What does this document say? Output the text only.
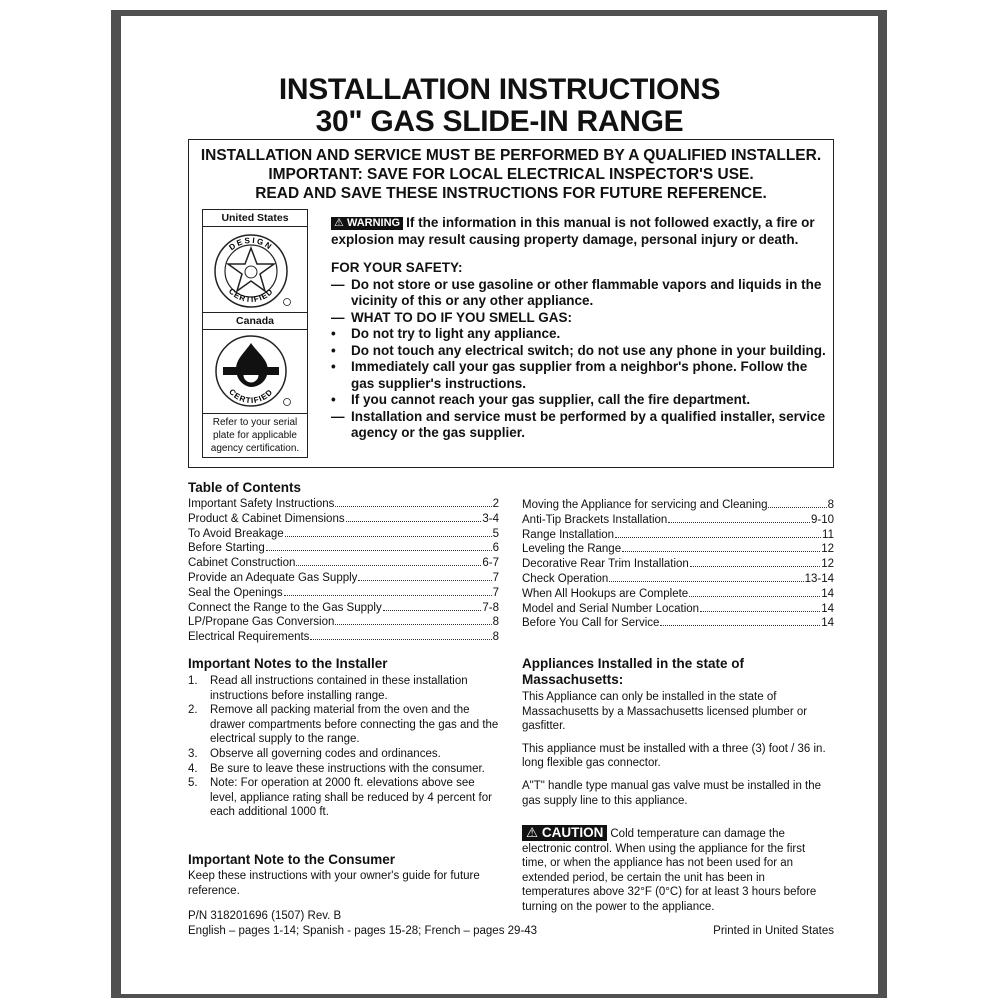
INSTALLATION INSTRUCTIONS
30" GAS SLIDE-IN RANGE
INSTALLATION AND SERVICE MUST BE PERFORMED BY A QUALIFIED INSTALLER.
IMPORTANT: SAVE FOR LOCAL ELECTRICAL INSPECTOR'S USE.
READ AND SAVE THESE INSTRUCTIONS FOR FUTURE REFERENCE.
United States
DESIGN
CERTIFIED
Canada
CERTIFIED
Refer to your serial plate for applicable agency certification.
⚠ WARNING If the information in this manual is not followed exactly, a fire or explosion may result causing property damage, personal injury or death.
FOR YOUR SAFETY:
— Do not store or use gasoline or other flammable vapors and liquids in the vicinity of this or any other appliance.
— WHAT TO DO IF YOU SMELL GAS:
•	Do not try to light any appliance.
•	Do not touch any electrical switch; do not use any phone in your building.
•	Immediately call your gas supplier from a neighbor's phone. Follow the gas supplier's instructions.
•	If you cannot reach your gas supplier, call the fire department.
— Installation and service must be performed by a qualified installer, service agency or the gas supplier.
Table of Contents
Important Safety Instructions	2
Product & Cabinet Dimensions	3-4
To Avoid Breakage	5
Before Starting	6
Cabinet Construction	6-7
Provide an Adequate Gas Supply	7
Seal the Openings	7
Connect the Range to the Gas Supply	7-8
LP/Propane Gas Conversion	8
Electrical Requirements	8
Moving the Appliance for servicing and Cleaning	8
Anti-Tip Brackets Installation	9-10
Range Installation	11
Leveling the Range	12
Decorative Rear Trim Installation	12
Check Operation	13-14
When All Hookups are Complete	14
Model and Serial Number Location	14
Before You Call for Service	14
Important Notes to the Installer
1.	Read all instructions contained in these installation instructions before installing range.
2.	Remove all packing material from the oven and the drawer compartments before connecting the gas and the electrical supply to the range.
3.	Observe all governing codes and ordinances.
4.	Be sure to leave these instructions with the consumer.
5.	Note: For operation at 2000 ft. elevations above see level, appliance rating shall be reduced by 4 percent for each additional 1000 ft.
Important Note to the Consumer
Keep these instructions with your owner's guide for future reference.
Appliances Installed in the state of Massachusetts:

This Appliance can only be installed in the state of Massachusetts by a Massachusetts licensed plumber or gasfitter.

This appliance must be installed with a three (3) foot / 36 in. long flexible gas connector.

A"T" handle type manual gas valve must be installed in the gas supply line to this appliance.

⚠ CAUTION Cold temperature can damage the electronic control. When using the appliance for the first time, or when the appliance has not been used for an extended period, be certain the unit has been in temperatures above 32°F (0°C) for at least 3 hours before turning on the power to the appliance.
P/N 318201696 (1507) Rev. B
English – pages 1-14; Spanish - pages 15-28; French – pages 29-43	Printed in United States
